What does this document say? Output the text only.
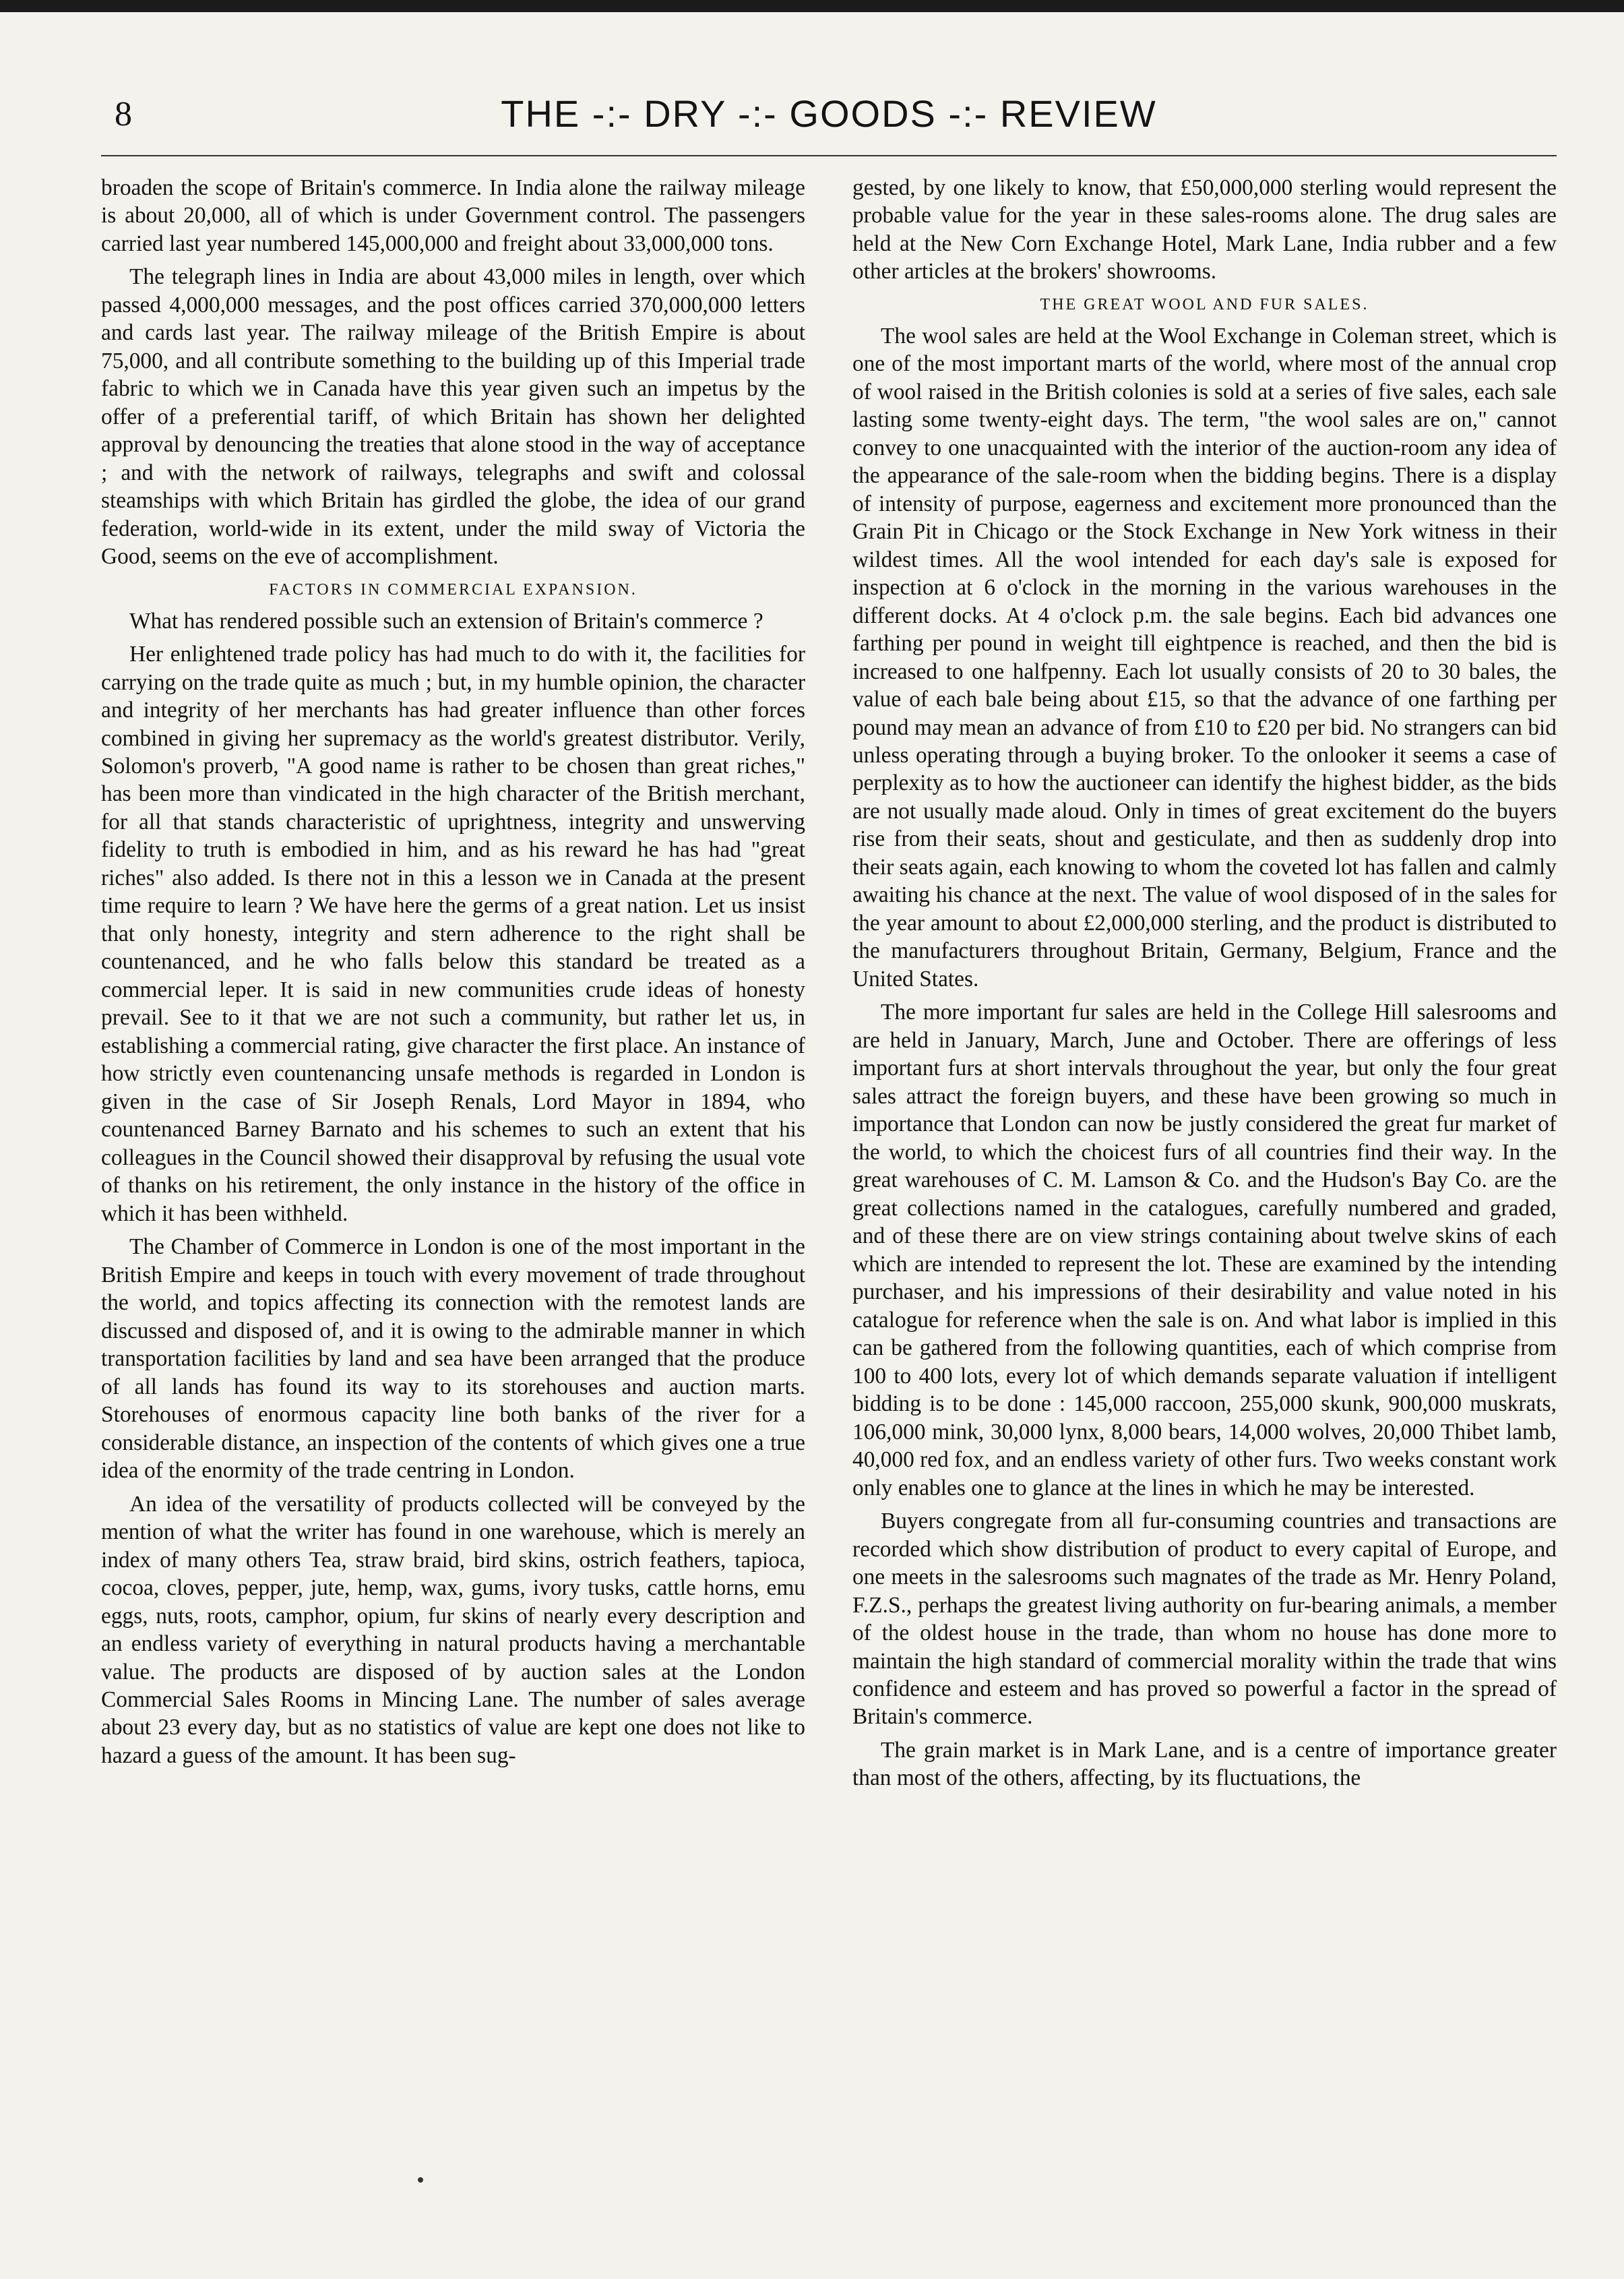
8	THE -:- DRY -:- GOODS -:- REVIEW

broaden the scope of Britain's commerce. In India alone the railway mileage is about 20,000, all of which is under Government control. The passengers carried last year numbered 145,000,000 and freight about 33,000,000 tons.

The telegraph lines in India are about 43,000 miles in length, over which passed 4,000,000 messages, and the post offices carried 370,000,000 letters and cards last year. The railway mileage of the British Empire is about 75,000, and all contribute something to the building up of this Imperial trade fabric to which we in Canada have this year given such an impetus by the offer of a preferential tariff, of which Britain has shown her delighted approval by denouncing the treaties that alone stood in the way of acceptance ; and with the network of railways, telegraphs and swift and colossal steamships with which Britain has girdled the globe, the idea of our grand federation, world-wide in its extent, under the mild sway of Victoria the Good, seems on the eve of accomplishment.

FACTORS IN COMMERCIAL EXPANSION.

What has rendered possible such an extension of Britain's commerce ?

Her enlightened trade policy has had much to do with it, the facilities for carrying on the trade quite as much ; but, in my humble opinion, the character and integrity of her merchants has had greater influence than other forces combined in giving her supremacy as the world's greatest distributor. Verily, Solomon's proverb, "A good name is rather to be chosen than great riches," has been more than vindicated in the high character of the British merchant, for all that stands characteristic of uprightness, integrity and unswerving fidelity to truth is embodied in him, and as his reward he has had "great riches" also added. Is there not in this a lesson we in Canada at the present time require to learn ? We have here the germs of a great nation. Let us insist that only honesty, integrity and stern adherence to the right shall be countenanced, and he who falls below this standard be treated as a commercial leper. It is said in new communities crude ideas of honesty prevail. See to it that we are not such a community, but rather let us, in establishing a commercial rating, give character the first place. An instance of how strictly even countenancing unsafe methods is regarded in London is given in the case of Sir Joseph Renals, Lord Mayor in 1894, who countenanced Barney Barnato and his schemes to such an extent that his colleagues in the Council showed their disapproval by refusing the usual vote of thanks on his retirement, the only instance in the history of the office in which it has been withheld.

The Chamber of Commerce in London is one of the most important in the British Empire and keeps in touch with every movement of trade throughout the world, and topics affecting its connection with the remotest lands are discussed and disposed of, and it is owing to the admirable manner in which transportation facilities by land and sea have been arranged that the produce of all lands has found its way to its storehouses and auction marts. Storehouses of enormous capacity line both banks of the river for a considerable distance, an inspection of the contents of which gives one a true idea of the enormity of the trade centring in London.

An idea of the versatility of products collected will be conveyed by the mention of what the writer has found in one warehouse, which is merely an index of many others Tea, straw braid, bird skins, ostrich feathers, tapioca, cocoa, cloves, pepper, jute, hemp, wax, gums, ivory tusks, cattle horns, emu eggs, nuts, roots, camphor, opium, fur skins of nearly every description and an endless variety of everything in natural products having a merchantable value. The products are disposed of by auction sales at the London Commercial Sales Rooms in Mincing Lane. The number of sales average about 23 every day, but as no statistics of value are kept one does not like to hazard a guess of the amount. It has been sug-

gested, by one likely to know, that £50,000,000 sterling would represent the probable value for the year in these sales-rooms alone. The drug sales are held at the New Corn Exchange Hotel, Mark Lane, India rubber and a few other articles at the brokers' showrooms.

THE GREAT WOOL AND FUR SALES.

The wool sales are held at the Wool Exchange in Coleman street, which is one of the most important marts of the world, where most of the annual crop of wool raised in the British colonies is sold at a series of five sales, each sale lasting some twenty-eight days. The term, "the wool sales are on," cannot convey to one unacquainted with the interior of the auction-room any idea of the appearance of the sale-room when the bidding begins. There is a display of intensity of purpose, eagerness and excitement more pronounced than the Grain Pit in Chicago or the Stock Exchange in New York witness in their wildest times. All the wool intended for each day's sale is exposed for inspection at 6 o'clock in the morning in the various warehouses in the different docks. At 4 o'clock p.m. the sale begins. Each bid advances one farthing per pound in weight till eightpence is reached, and then the bid is increased to one halfpenny. Each lot usually consists of 20 to 30 bales, the value of each bale being about £15, so that the advance of one farthing per pound may mean an advance of from £10 to £20 per bid. No strangers can bid unless operating through a buying broker. To the onlooker it seems a case of perplexity as to how the auctioneer can identify the highest bidder, as the bids are not usually made aloud. Only in times of great excitement do the buyers rise from their seats, shout and gesticulate, and then as suddenly drop into their seats again, each knowing to whom the coveted lot has fallen and calmly awaiting his chance at the next. The value of wool disposed of in the sales for the year amount to about £2,000,000 sterling, and the product is distributed to the manufacturers throughout Britain, Germany, Belgium, France and the United States.

The more important fur sales are held in the College Hill salesrooms and are held in January, March, June and October. There are offerings of less important furs at short intervals throughout the year, but only the four great sales attract the foreign buyers, and these have been growing so much in importance that London can now be justly considered the great fur market of the world, to which the choicest furs of all countries find their way. In the great warehouses of C. M. Lamson & Co. and the Hudson's Bay Co. are the great collections named in the catalogues, carefully numbered and graded, and of these there are on view strings containing about twelve skins of each which are intended to represent the lot. These are examined by the intending purchaser, and his impressions of their desirability and value noted in his catalogue for reference when the sale is on. And what labor is implied in this can be gathered from the following quantities, each of which comprise from 100 to 400 lots, every lot of which demands separate valuation if intelligent bidding is to be done : 145,000 raccoon, 255,000 skunk, 900,000 muskrats, 106,000 mink, 30,000 lynx, 8,000 bears, 14,000 wolves, 20,000 Thibet lamb, 40,000 red fox, and an endless variety of other furs. Two weeks constant work only enables one to glance at the lines in which he may be interested.

Buyers congregate from all fur-consuming countries and transactions are recorded which show distribution of product to every capital of Europe, and one meets in the salesrooms such magnates of the trade as Mr. Henry Poland, F.Z.S., perhaps the greatest living authority on fur-bearing animals, a member of the oldest house in the trade, than whom no house has done more to maintain the high standard of commercial morality within the trade that wins confidence and esteem and has proved so powerful a factor in the spread of Britain's commerce.

The grain market is in Mark Lane, and is a centre of importance greater than most of the others, affecting, by its fluctuations, the
